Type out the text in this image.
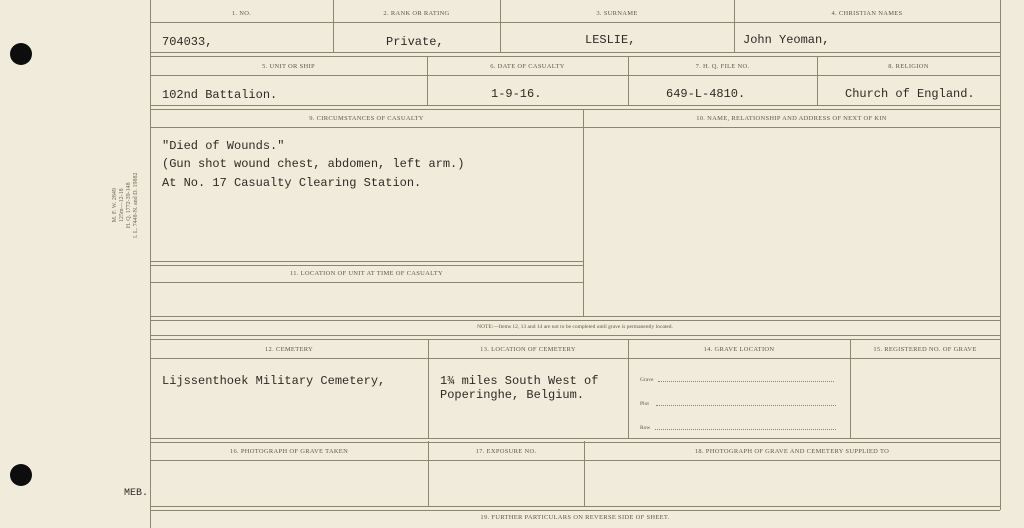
M. F. W. 2849 125m—12-18 H. Q. 1772-39-148 I. L. 7448-N. and D. 19882
1. NO.	2. RANK OR RATING	3. SURNAME	4. CHRISTIAN NAMES
704033,	Private,	LESLIE,	John Yeoman,
5. UNIT OR SHIP	6. DATE OF CASUALTY	7. H. Q. FILE NO.	8. RELIGION
102nd Battalion.	1-9-16.	649-L-4810.	Church of England.
9. CIRCUMSTANCES OF CASUALTY	10. NAME, RELATIONSHIP AND ADDRESS OF NEXT OF KIN
"Died of Wounds."
(Gun shot wound chest, abdomen, left arm.)
At No. 17 Casualty Clearing Station.
11. LOCATION OF UNIT AT TIME OF CASUALTY
NOTE:—Items 12, 13 and 14 are not to be completed until grave is permanently located.
12. CEMETERY	13. LOCATION OF CEMETERY	14. GRAVE LOCATION	15. REGISTERED NO. OF GRAVE
Lijssenthoek Military Cemetery,	1¾ miles South West of
Poperinghe, Belgium.
Grave
Plot
Row
16. PHOTOGRAPH OF GRAVE TAKEN	17. EXPOSURE NO.	18. PHOTOGRAPH OF GRAVE AND CEMETERY SUPPLIED TO
MEB.
19. FURTHER PARTICULARS ON REVERSE SIDE OF SHEET.
